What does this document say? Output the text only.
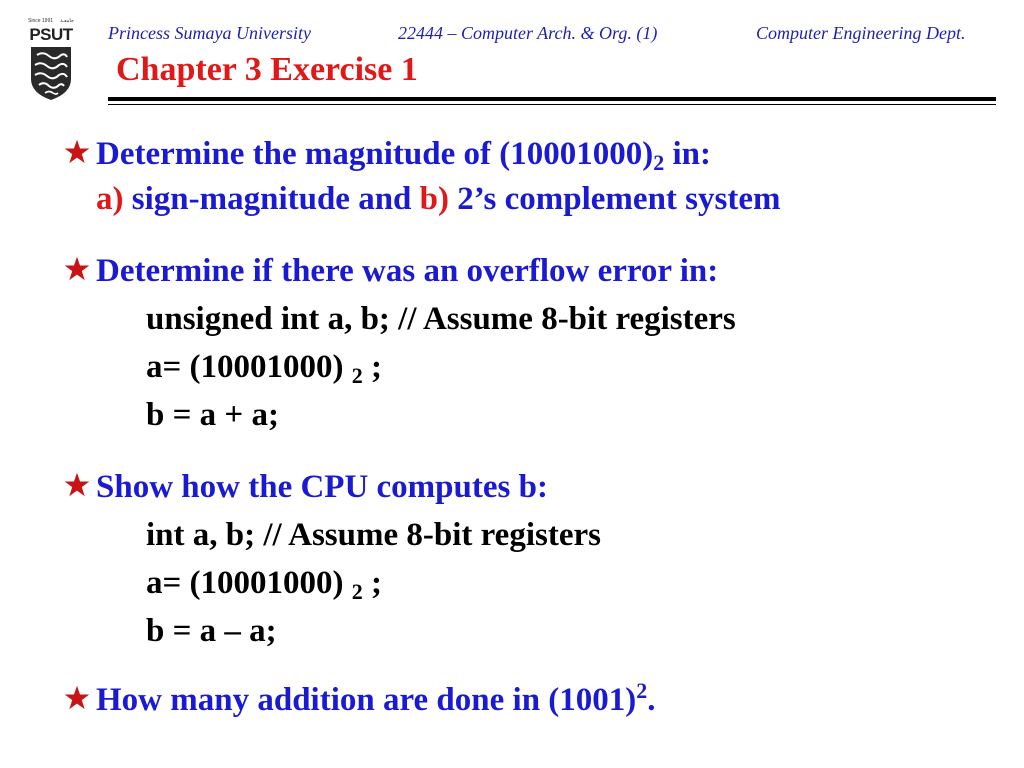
Since 1991 جامعـة
PSUT Princess Sumaya University	22444 – Computer Arch. & Org. (1)	Computer Engineering Dept.
Chapter 3 Exercise 1
Determine the magnitude of $(10001000)_2$ in:
a) sign-magnitude and b) 2’s complement system
Determine if there was an overflow error in:
unsigned int a, b; // Assume 8-bit registers
a= (10001000) $_2$ ;
b = a + a;
Show how the CPU computes b:
int a, b; // Assume 8-bit registers
a= (10001000) $_2$ ;
b = a – a;
How many addition are done in $(1001)^2$.
